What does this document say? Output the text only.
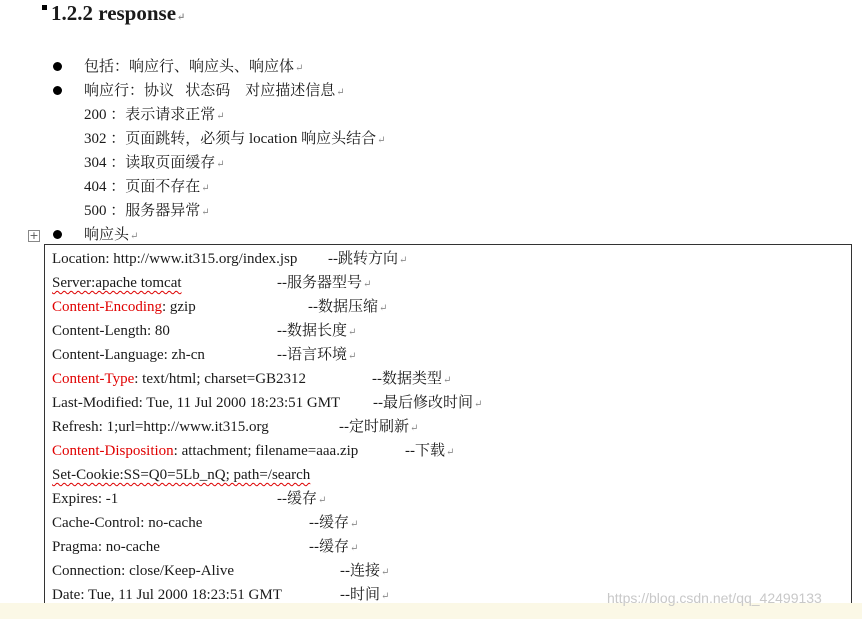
1.2.2 response↵
包括：响应行、响应头、响应体↵
响应行：协议   状态码    对应描述信息↵
200 ：表示请求正常↵
302 ：页面跳转，必须与 location 响应头结合↵
304 ：读取页面缓存↵
404 ：页面不存在↵
500 ：服务器异常↵
+	响应头↵
Location: http://www.it315.org/index.jsp --跳转方向↵
Server:apache tomcat	--服务器型号↵
Content-Encoding: gzip	--数据压缩↵
Content-Length: 80	--数据长度↵
Content-Language: zh-cn	--语言环境↵
Content-Type: text/html; charset=GB2312	--数据类型↵
Last-Modified: Tue, 11 Jul 2000 18:23:51 GMT --最后修改时间↵
Refresh: 1;url=http://www.it315.org	--定时刷新↵
Content-Disposition: attachment; filename=aaa.zip	--下载↵
Set-Cookie:SS=Q0=5Lb_nQ; path=/search
Expires: -1	--缓存↵
Cache-Control: no-cache	--缓存↵
Pragma: no-cache	--缓存↵
Connection: close/Keep-Alive	--连接↵
Date: Tue, 11 Jul 2000 18:23:51 GMT	--时间↵	https://blog.csdn.net/qq_42499133
